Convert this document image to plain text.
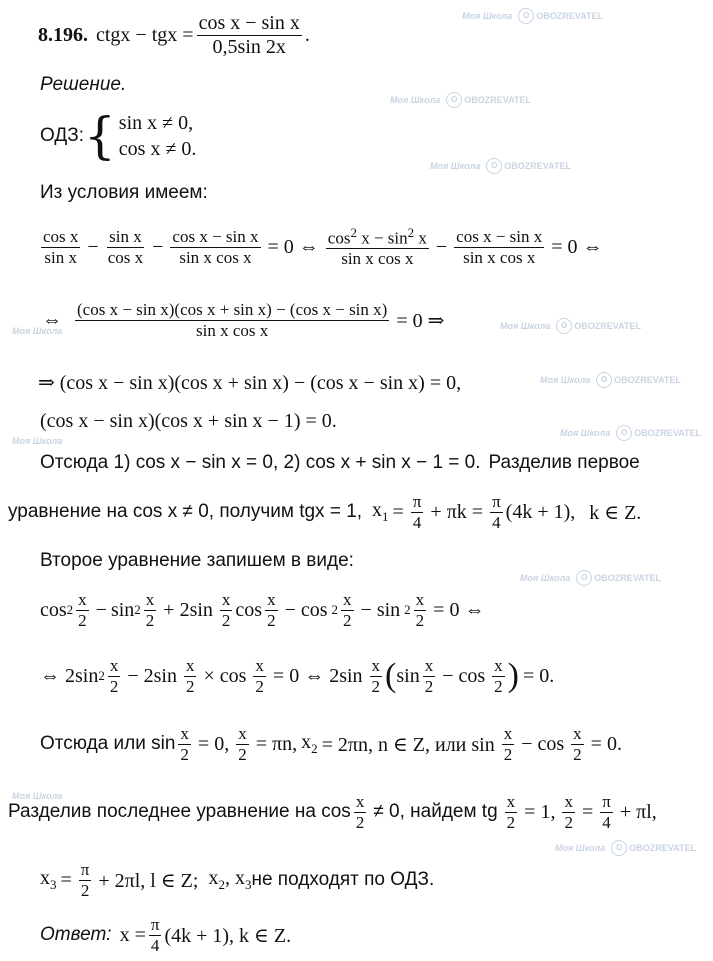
Моя Школа O OBOZREVATEL
Моя Школа O OBOZREVATEL
Моя Школа O OBOZREVATEL
Моя Школа O OBOZREVATEL
Моя Школа O OBOZREVATEL
Моя Школа O OBOZREVATEL
Моя Школа O OBOZREVATEL
Моя Школа O OBOZREVATEL
Моя Школа
Моя Школа
Моя Школа
8.196. ctgx − tgx = $\frac{\text{cos x − sin x}}{0,5\sin 2x}$ .
Решение.
ОДЗ: { sin x ≠ 0,
cos x ≠ 0.
Из условия имеем:
$\frac{\text{cos x}}{\text{sin x}} - \frac{\text{sin x}}{\text{cos x}} - \frac{\text{cos x − sin x}}{\text{sin x cos x}} = 0$ ⇔ $\frac{\cos^2 x - \sin^2 x}{\text{sin x cos x}} - \frac{\text{cos x − sin x}}{\text{sin x cos x}} = 0$ ⇔
⇔ $\frac{\text{(cos x − sin x)(cos x + sin x) − (cos x − sin x)}}{\text{sin x cos x}} = 0$ ⇒
⇒ (cos x − sin x)(cos x + sin x) − (cos x − sin x) = 0,
(cos x − sin x)(cos x + sin x − 1) = 0.
Отсюда 1) cos x − sin x = 0, 2) cos x + sin x − 1 = 0. Разделив первое
уравнение на cos x ≠ 0, получим tgx = 1, $x_1 = \frac{\pi}{4} + \pi k = \frac{\pi}{4} (4k + 1)$, k ∈ Z.
Второе уравнение запишем в виде:
$\cos 2 \frac{x}{2} - \sin 2 \frac{x}{2} + 2\sin \frac{x}{2}$ $\cos \frac{x}{2} - \cos 2 \frac{x}{2} - \sin 2 \frac{x}{2} = 0$ ⇔
⇔ 2sin $2 \frac{x}{2} - 2\sin \frac{x}{2} \times \cos \frac{x}{2} = 0$ ⇔ $2\sin \frac{x}{2}$ ( $\sin \frac{x}{2} - \cos \frac{x}{2}$ ) = 0.
Отсюда или $\sin \frac{x}{2} = 0$, $\frac{x}{2} = \pi n$, $x_2 = 2\pi n$, n ∈ Z, или $\sin \frac{x}{2} - \cos \frac{x}{2} = 0$.
Разделив последнее уравнение на $\cos \frac{x}{2} \ne 0$, найдем tg $\frac{x}{2} = 1$, $\frac{x}{2} = \frac{\pi}{4} + \pi l$,
$x_3 = \frac{\pi}{2} + 2\pi l$, l ∈ Z; $x_2$, $x_3$ не подходят по ОДЗ.
Ответ: $x = \frac{\pi}{4} (4k + 1)$, k ∈ Z.
